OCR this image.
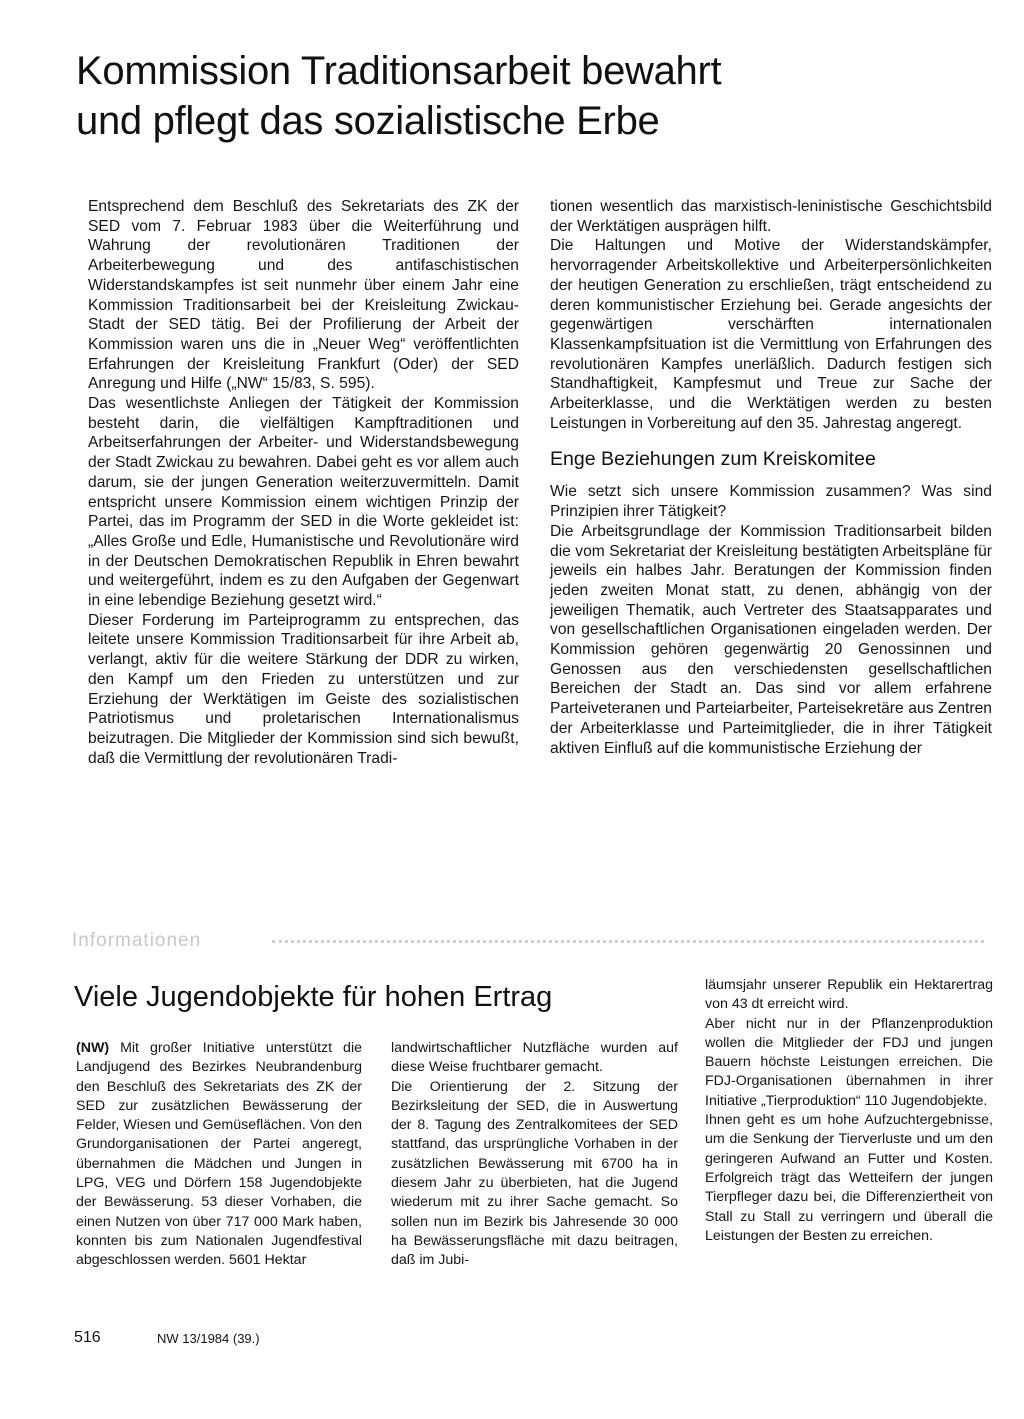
Kommission Traditionsarbeit bewahrt
und pflegt das sozialistische Erbe

Entsprechend dem Beschluß des Sekretariats des ZK der SED vom 7. Februar 1983 über die Weiterführung und Wahrung der revolutionären Traditionen der Arbeiterbewegung und des antifaschistischen Widerstandskampfes ist seit nunmehr über einem Jahr eine Kommission Traditionsarbeit bei der Kreisleitung Zwickau-Stadt der SED tätig. Bei der Profilierung der Arbeit der Kommission waren uns die in „Neuer Weg“ veröffentlichten Erfahrungen der Kreisleitung Frankfurt (Oder) der SED Anregung und Hilfe („NW“ 15/83, S. 595).

Das wesentlichste Anliegen der Tätigkeit der Kommission besteht darin, die vielfältigen Kampftraditionen und Arbeitserfahrungen der Arbeiter- und Widerstandsbewegung der Stadt Zwickau zu bewahren. Dabei geht es vor allem auch darum, sie der jungen Generation weiterzuvermitteln. Damit entspricht unsere Kommission einem wichtigen Prinzip der Partei, das im Programm der SED in die Worte gekleidet ist: „Alles Große und Edle, Humanistische und Revolutionäre wird in der Deutschen Demokratischen Republik in Ehren bewahrt und weitergeführt, indem es zu den Aufgaben der Gegenwart in eine lebendige Beziehung gesetzt wird.“

Dieser Forderung im Parteiprogramm zu entsprechen, das leitete unsere Kommission Traditionsarbeit für ihre Arbeit ab, verlangt, aktiv für die weitere Stärkung der DDR zu wirken, den Kampf um den Frieden zu unterstützen und zur Erziehung der Werktätigen im Geiste des sozialistischen Patriotismus und proletarischen Internationalismus beizutragen. Die Mitglieder der Kommission sind sich bewußt, daß die Vermittlung der revolutionären Tradi-

tionen wesentlich das marxistisch-leninistische Geschichtsbild der Werktätigen ausprägen hilft.

Die Haltungen und Motive der Widerstandskämpfer, hervorragender Arbeitskollektive und Arbeiterpersönlichkeiten der heutigen Generation zu erschließen, trägt entscheidend zu deren kommunistischer Erziehung bei. Gerade angesichts der gegenwärtigen verschärften internationalen Klassenkampfsituation ist die Vermittlung von Erfahrungen des revolutionären Kampfes unerläßlich. Dadurch festigen sich Standhaftigkeit, Kampfesmut und Treue zur Sache der Arbeiterklasse, und die Werktätigen werden zu besten Leistungen in Vorbereitung auf den 35. Jahrestag angeregt.

Enge Beziehungen zum Kreiskomitee

Wie setzt sich unsere Kommission zusammen? Was sind Prinzipien ihrer Tätigkeit?

Die Arbeitsgrundlage der Kommission Traditionsarbeit bilden die vom Sekretariat der Kreisleitung bestätigten Arbeitspläne für jeweils ein halbes Jahr. Beratungen der Kommission finden jeden zweiten Monat statt, zu denen, abhängig von der jeweiligen Thematik, auch Vertreter des Staatsapparates und von gesellschaftlichen Organisationen eingeladen werden. Der Kommission gehören gegenwärtig 20 Genossinnen und Genossen aus den verschiedensten gesellschaftlichen Bereichen der Stadt an. Das sind vor allem erfahrene Parteiveteranen und Parteiarbeiter, Parteisekretäre aus Zentren der Arbeiterklasse und Parteimitglieder, die in ihrer Tätigkeit aktiven Einfluß auf die kommunistische Erziehung der

Informationen
Viele Jugendobjekte für hohen Ertrag

(NW) Mit großer Initiative unterstützt die Landjugend des Bezirkes Neubrandenburg den Beschluß des Sekretariats des ZK der SED zur zusätzlichen Bewässerung der Felder, Wiesen und Gemüseflächen. Von den Grundorganisationen der Partei angeregt, übernahmen die Mädchen und Jungen in LPG, VEG und Dörfern 158 Jugendobjekte der Bewässerung. 53 dieser Vorhaben, die einen Nutzen von über 717 000 Mark haben, konnten bis zum Nationalen Jugendfestival abgeschlossen werden. 5601 Hektar

landwirtschaftlicher Nutzfläche wurden auf diese Weise fruchtbarer gemacht.

Die Orientierung der 2. Sitzung der Bezirksleitung der SED, die in Auswertung der 8. Tagung des Zentralkomitees der SED stattfand, das ursprüngliche Vorhaben in der zusätzlichen Bewässerung mit 6700 ha in diesem Jahr zu überbieten, hat die Jugend wiederum mit zu ihrer Sache gemacht. So sollen nun im Bezirk bis Jahresende 30 000 ha Bewässerungsfläche mit dazu beitragen, daß im Jubi-

läumsjahr unserer Republik ein Hektarertrag von 43 dt erreicht wird.

Aber nicht nur in der Pflanzenproduktion wollen die Mitglieder der FDJ und jungen Bauern höchste Leistungen erreichen. Die FDJ-Organisationen übernahmen in ihrer Initiative „Tierproduktion“ 110 Jugendobjekte.

Ihnen geht es um hohe Aufzuchtergebnisse, um die Senkung der Tierverluste und um den geringeren Aufwand an Futter und Kosten. Erfolgreich trägt das Wetteifern der jungen Tierpfleger dazu bei, die Differenziertheit von Stall zu Stall zu verringern und überall die Leistungen der Besten zu erreichen.

516	NW 13/1984 (39.)
